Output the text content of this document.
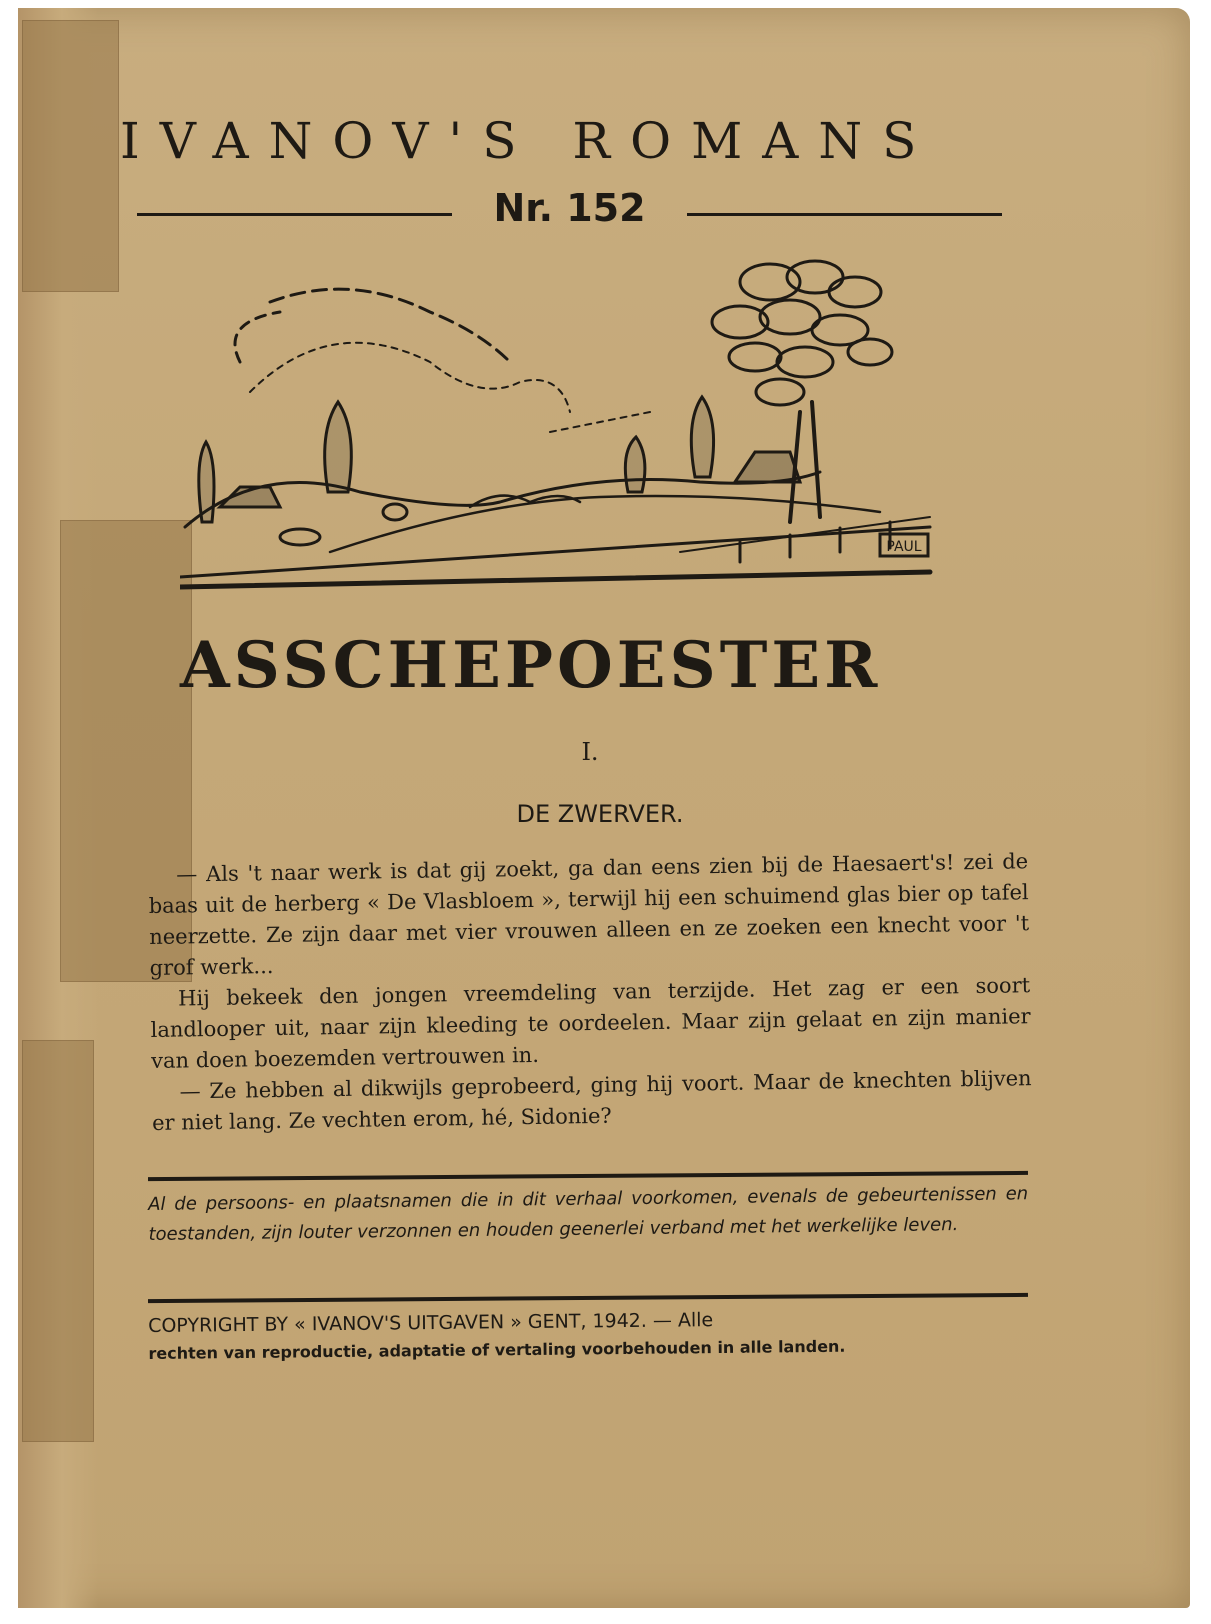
IVANOV'S ROMANS
Nr. 152
PAUL
ASSCHEPOESTER
I.
DE ZWERVER.

— Als 't naar werk is dat gij zoekt, ga dan eens zien bij de Haesaert's! zei de baas uit de herberg « De Vlasbloem », terwijl hij een schuimend glas bier op tafel neerzette. Ze zijn daar met vier vrouwen alleen en ze zoeken een knecht voor 't grof werk...

Hij bekeek den jongen vreemdeling van terzijde. Het zag er een soort landlooper uit, naar zijn kleeding te oordeelen. Maar zijn gelaat en zijn manier van doen boezemden vertrouwen in.

— Ze hebben al dikwijls geprobeerd, ging hij voort. Maar de knechten blijven er niet lang. Ze vechten erom, hé, Sidonie?

Al de persoons- en plaatsnamen die in dit verhaal voorkomen, evenals de gebeurtenissen en toestanden, zijn louter verzonnen en houden geenerlei verband met het werkelijke leven.
COPYRIGHT BY « IVANOV'S UITGAVEN » GENT, 1942. — Alle
rechten van reproductie, adaptatie of vertaling voorbehouden in alle landen.
